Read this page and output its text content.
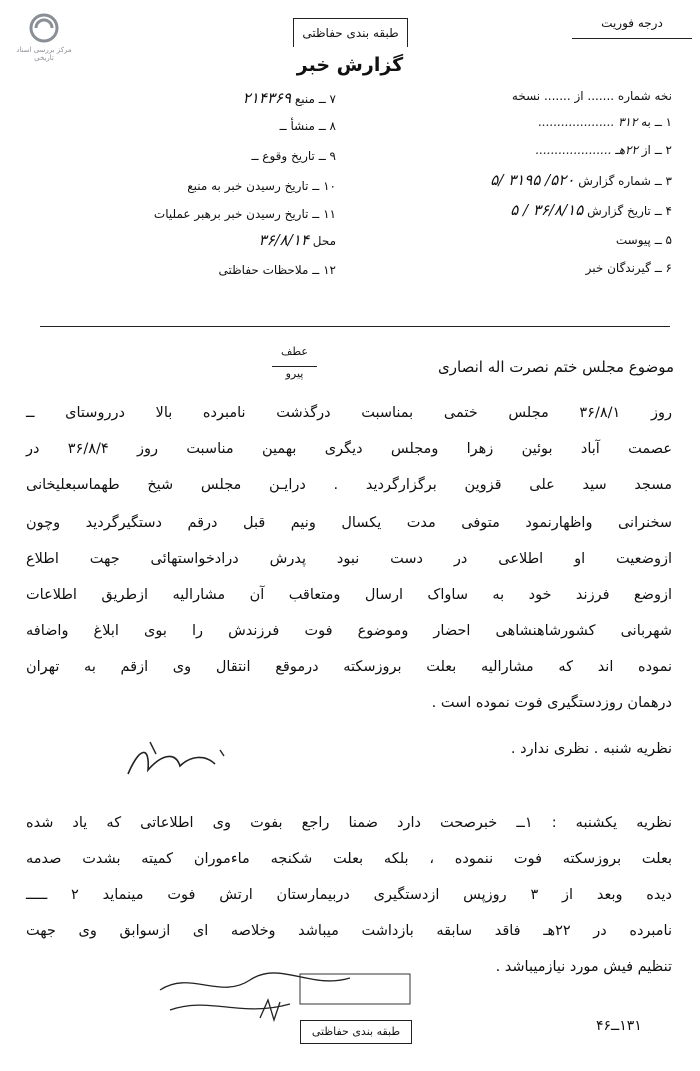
مرکز بررسی اسناد تاریخی
طبقه بندی حفاظتی
درجه فوریت
گزارش خبر
نخه شماره ....... از ....... نسخه
۱ ــ به ۳۱۲ ....................
۲ ــ از ۲۲هـ ....................
۳ ــ شماره گزارش ۵۲۰/ ۳۱۹۵ /۵
۴ ــ تاریخ گزارش ۳۶/۸/۱۵ / ۵
۵ ــ پیوست
۶ ــ گیرندگان خبر
۷ ــ منبع ۲۱۴۳۶۹
۸ ــ منشأ ــ
۹ ــ تاریخ وقوع ــ
۱۰ ــ تاریخ رسیدن خبر به منبع
۱۱ ــ تاریخ رسیدن خبر برهبر عملیات
محل ۳۶/۸/۱۴
۱۲ ــ ملاحظات حفاظتی
موضوع مجلس ختم نصرت اله انصاری
عطف
پیرو
روز ۳۶/۸/۱ مجلس ختمی بمناسبت درگذشت نامبرده بالا درروستای ــ
عصمت آباد بوئین زهرا ومجلس دیگری بهمین مناسبت روز ۳۶/۸/۴ در
مسجد سید علی قزوین برگزارگردید . درایـن مجلس شیخ طهماسبعلیخانی
سخنرانی واظهارنمود متوفی مدت یکسال ونیم قبل درقم دستگیرگردید وچون
ازوضعیت او اطلاعی در دست نبود پدرش درادخواستهائی جهت اطلاع
ازوضع فرزند خود به ساواک ارسال ومتعاقب آن مشارالیه ازطریق اطلاعات
شهربانی کشورشاهنشاهی احضار وموضوع فوت فرزندش را بوی ابلاغ واضافه
نموده اند که مشارالیه بعلت بروزسکته درموقع انتقال وی ازقم به تهران
درهمان روزدستگیری فوت نموده است .
نظریه شنبه . نظری ندارد .
نظریه یکشنبه : ۱ــ خبرصحت دارد ضمنا راجع بفوت وی اطلاعاتی که یاد شده
بعلت بروزسکته فوت ننموده ، بلکه بعلت شکنجه ماءموران کمیته بشدت صدمه
دیده وبعد از ۳ روزپس ازدستگیری دربیمارستان ارتش فوت مینماید ۲ ـــــ
نامبرده در ۲۲هـ فاقد سابقه بازداشت میباشد وخلاصه ای ازسوابق وی جهت
تنظیم فیش مورد نیازمیباشد .
طبقه بندی حفاظتی	۱۳۱ــ۴۶
